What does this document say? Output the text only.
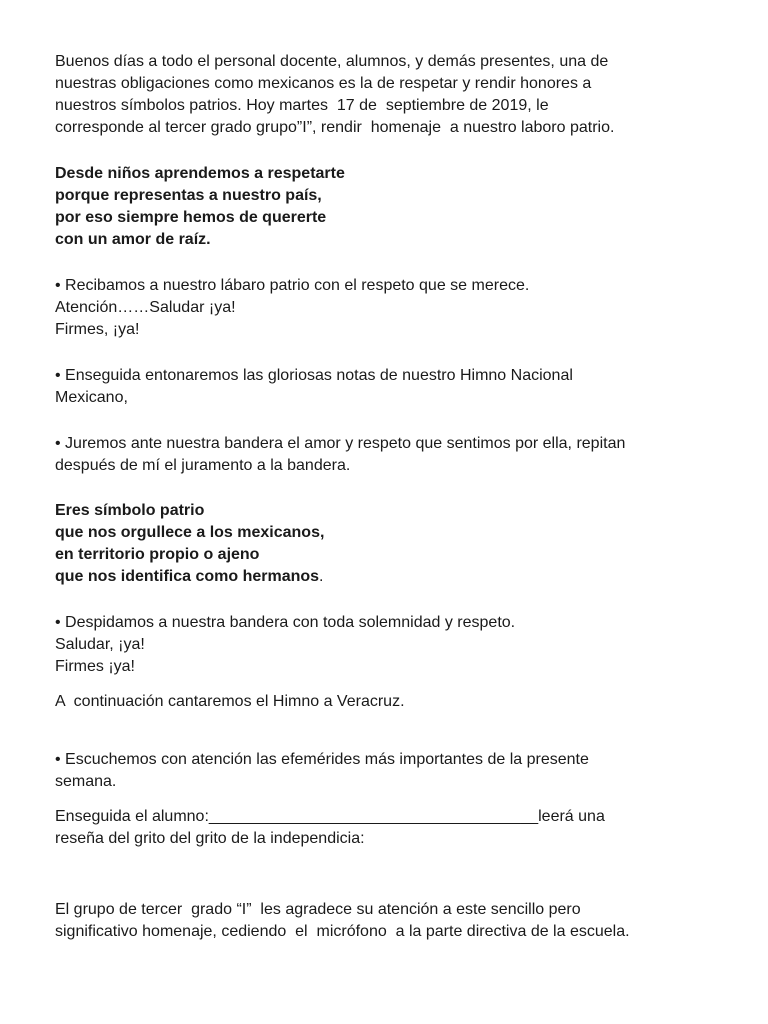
Buenos días a todo el personal docente, alumnos, y demás presentes, una de
nuestras obligaciones como mexicanos es la de respetar y rendir honores a
nuestros símbolos patrios. Hoy martes  17 de  septiembre de 2019, le
corresponde al tercer grado grupo”I”, rendir  homenaje  a nuestro laboro patrio.
Desde niños aprendemos a respetarte
porque representas a nuestro país,
por eso siempre hemos de quererte
con un amor de raíz.
• Recibamos a nuestro lábaro patrio con el respeto que se merece.
Atención……Saludar ¡ya!
Firmes, ¡ya!
• Enseguida entonaremos las gloriosas notas de nuestro Himno Nacional
Mexicano,
• Juremos ante nuestra bandera el amor y respeto que sentimos por ella, repitan
después de mí el juramento a la bandera.
Eres símbolo patrio
que nos orgullece a los mexicanos,
en territorio propio o ajeno
que nos identifica como hermanos.
• Despidamos a nuestra bandera con toda solemnidad y respeto.
Saludar, ¡ya!
Firmes ¡ya!
A  continuación cantaremos el Himno a Veracruz.
• Escuchemos con atención las efemérides más importantes de la presente
semana.
Enseguida el alumno:_____________________________________leerá una
reseña del grito del grito de la independicia:
El grupo de tercer  grado “I”  les agradece su atención a este sencillo pero
significativo homenaje, cediendo  el  micrófono  a la parte directiva de la escuela.
